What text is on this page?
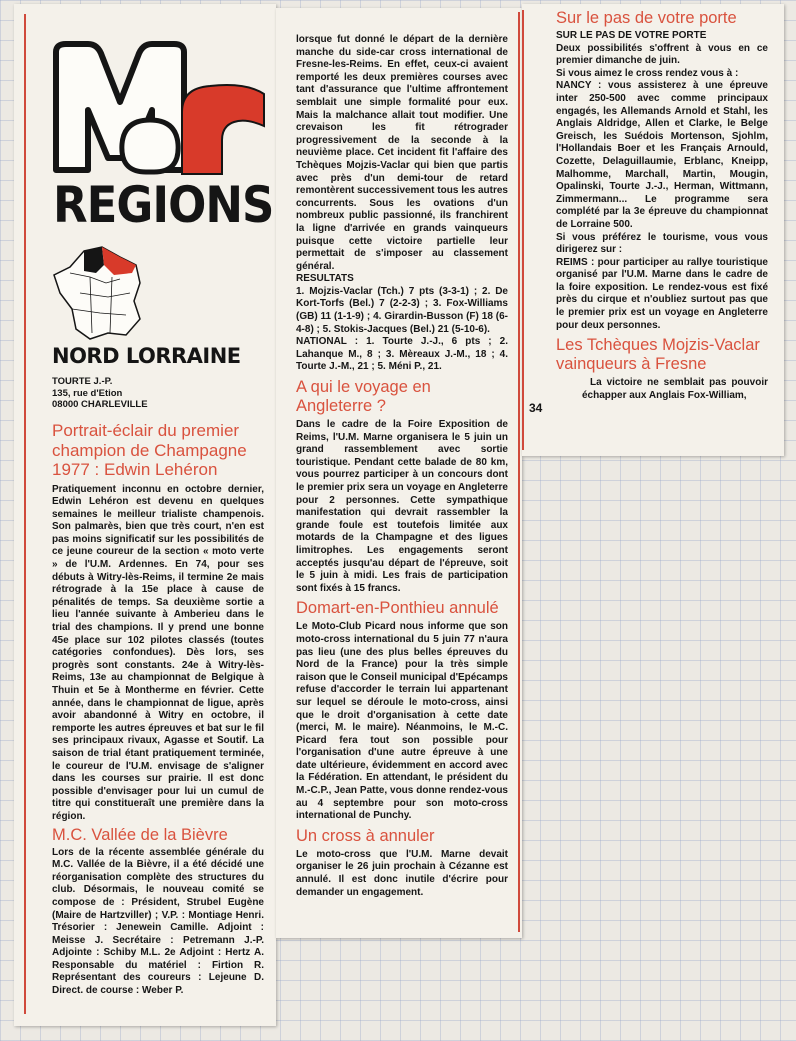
REGIONS
NORD LORRAINE
TOURTE J.-P.
135, rue d'Etion
08000 CHARLEVILLE
Portrait-éclair du premier champion de Champagne 1977 : Edwin Lehéron

Pratiquement inconnu en octobre dernier, Edwin Lehéron est devenu en quelques semaines le meilleur trialiste champenois. Son palmarès, bien que très court, n'en est pas moins significatif sur les possibilités de ce jeune coureur de la section « moto verte » de l'U.M. Ardennes. En 74, pour ses débuts à Witry-lès-Reims, il termine 2e mais rétrograde à la 15e place à cause de pénalités de temps. Sa deuxième sortie a lieu l'année suivante à Amberieu dans le trial des champions. Il y prend une bonne 45e place sur 102 pilotes classés (toutes catégories confondues). Dès lors, ses progrès sont constants. 24e à Witry-lès-Reims, 13e au championnat de Belgique à Thuin et 5e à Montherme en février. Cette année, dans le championnat de ligue, après avoir abandonné à Witry en octobre, il remporte les autres épreuves et bat sur le fil ses principaux rivaux, Agasse et Soutif. La saison de trial étant pratiquement terminée, le coureur de l'U.M. envisage de s'aligner dans les courses sur prairie. Il est donc possible d'envisager pour lui un cumul de titre qui constitueraît une première dans la région.

M.C. Vallée de la Bièvre

Lors de la récente assemblée générale du M.C. Vallée de la Bièvre, il a été décidé une réorganisation complète des structures du club. Désormais, le nouveau comité se compose de : Président, Strubel Eugène (Maire de Hartzviller) ; V.P. : Montiage Henri. Trésorier : Jenewein Camille. Adjoint : Meisse J. Secrétaire : Petremann J.-P. Adjointe : Schiby M.L. 2e Adjoint : Hertz A. Responsable du matériel : Firtion R. Représentant des coureurs : Lejeune D. Direct. de course : Weber P.

lorsque fut donné le départ de la dernière manche du side-car cross international de Fresne-les-Reims. En effet, ceux-ci avaient remporté les deux premières courses avec tant d'assurance que l'ultime affrontement semblait une simple formalité pour eux. Mais la malchance allait tout modifier. Une crevaison les fit rétrograder progressivement de la seconde à la neuvième place. Cet incident fit l'affaire des Tchèques Mojzis-Vaclar qui bien que partis avec près d'un demi-tour de retard remontèrent successivement tous les autres concurrents. Sous les ovations d'un nombreux public passionné, ils franchirent la ligne d'arrivée en grands vainqueurs puisque cette victoire partielle leur permettait de s'imposer au classement général.

RESULTATS

1. Mojzis-Vaclar (Tch.) 7 pts (3-3-1) ; 2. De Kort-Torfs (Bel.) 7 (2-2-3) ; 3. Fox-Williams (GB) 11 (1-1-9) ; 4. Girardin-Busson (F) 18 (6-4-8) ; 5. Stokis-Jacques (Bel.) 21 (5-10-6).

NATIONAL : 1. Tourte J.-J., 6 pts ; 2. Lahanque M., 8 ; 3. Mèreaux J.-M., 18 ; 4. Tourte J.-M., 21 ; 5. Méni P., 21.

A qui le voyage en Angleterre ?

Dans le cadre de la Foire Exposition de Reims, l'U.M. Marne organisera le 5 juin un grand rassemblement avec sortie touristique. Pendant cette balade de 80 km, vous pourrez participer à un concours dont le premier prix sera un voyage en Angleterre pour 2 personnes. Cette sympathique manifestation qui devrait rassembler la grande foule est toutefois limitée aux motards de la Champagne et des ligues limitrophes. Les engagements seront acceptés jusqu'au départ de l'épreuve, soit le 5 juin à midi. Les frais de participation sont fixés à 15 francs.

Domart-en-Ponthieu annulé

Le Moto-Club Picard nous informe que son moto-cross international du 5 juin 77 n'aura pas lieu (une des plus belles épreuves du Nord de la France) pour la très simple raison que le Conseil municipal d'Epécamps refuse d'accorder le terrain lui appartenant sur lequel se déroule le moto-cross, ainsi que le droit d'organisation à cette date (merci, M. le maire). Néanmoins, le M.-C. Picard fera tout son possible pour l'organisation d'une autre épreuve à une date ultérieure, évidemment en accord avec la Fédération. En attendant, le président du M.-C.P., Jean Patte, vous donne rendez-vous au 4 septembre pour son moto-cross international de Punchy.

Un cross à annuler

Le moto-cross que l'U.M. Marne devait organiser le 26 juin prochain à Cézanne est annulé. Il est donc inutile d'écrire pour demander un engagement.

Sur le pas de votre porte

SUR LE PAS DE VOTRE PORTE

Deux possibilités s'offrent à vous en ce premier dimanche de juin.

Si vous aimez le cross rendez vous à :

NANCY : vous assisterez à une épreuve inter 250-500 avec comme principaux engagés, les Allemands Arnold et Stahl, les Anglais Aldridge, Allen et Clarke, le Belge Greisch, les Suédois Mortenson, Sjohlm, l'Hollandais Boer et les Français Arnould, Cozette, Delaguillaumie, Erblanc, Kneipp, Malhomme, Marchall, Martin, Mougin, Opalinski, Tourte J.-J., Herman, Wittmann, Zimmermann... Le programme sera complété par la 3e épreuve du championnat de Lorraine 500.

Si vous préférez le tourisme, vous vous dirigerez sur :

REIMS : pour participer au rallye touristique organisé par l'U.M. Marne dans le cadre de la foire exposition. Le rendez-vous est fixé près du cirque et n'oubliez surtout pas que le premier prix est un voyage en Angleterre pour deux personnes.

Les Tchèques Mojzis-Vaclar vainqueurs à Fresne

La victoire ne semblait pas pouvoir échapper aux Anglais Fox-William,

34
